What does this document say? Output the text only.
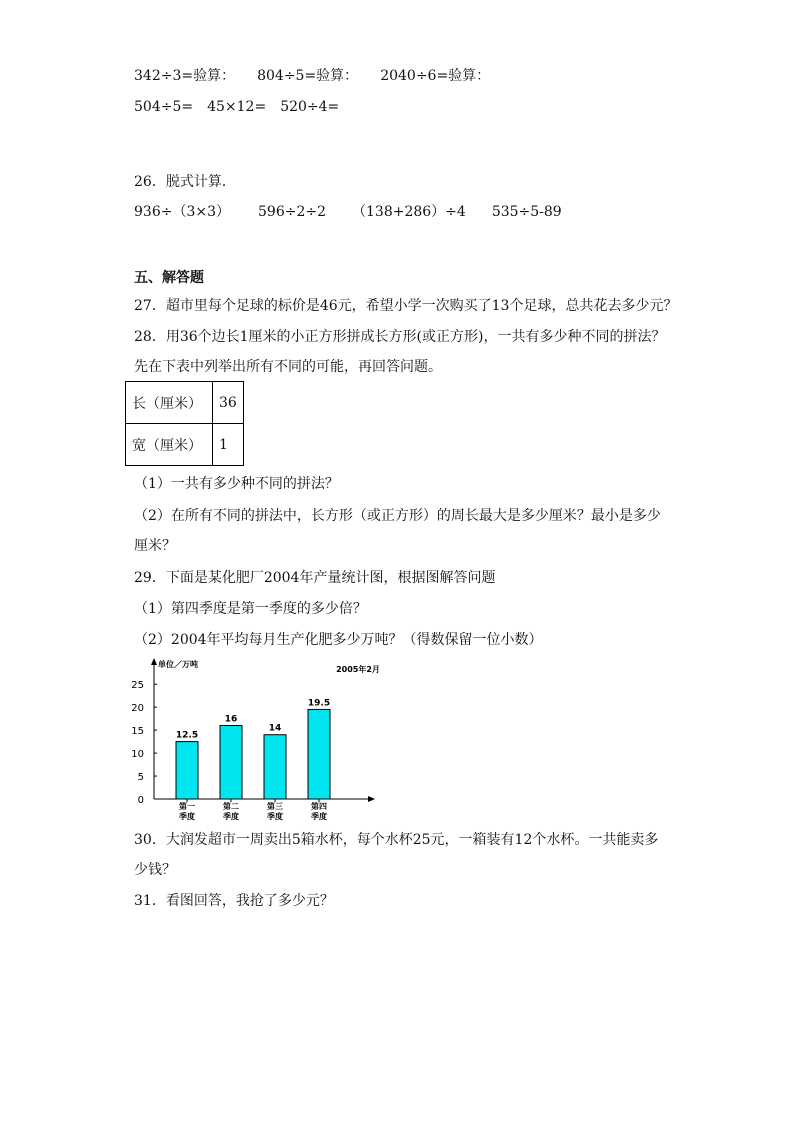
342÷3=验算： 804÷5=验算： 2040÷6=验算：
504÷5= 45×12= 520÷4=
26．脱式计算．
936÷（3×3） 596÷2÷2 （138+286）÷4 535÷5-89
五、解答题
27．超市里每个足球的标价是46元，希望小学一次购买了13个足球，总共花去多少元？
28．用36个边长1厘米的小正方形拼成长方形(或正方形)，一共有多少种不同的拼法？
先在下表中列举出所有不同的可能，再回答问题。
长（厘米）	36
宽（厘米）	1
（1）一共有多少种不同的拼法？
（2）在所有不同的拼法中，长方形（或正方形）的周长最大是多少厘米？最小是多少
厘米？
29．下面是某化肥厂2004年产量统计图，根据图解答问题
（1）第四季度是第一季度的多少倍？
（2）2004年平均每月生产化肥多少万吨？（得数保留一位小数）
0
5
10
15
20
25
单位／万吨
2005年2月
12.5
第一
季度
16
第二
季度
14
第三
季度
19.5
第四
季度
30．大润发超市一周卖出5箱水杯，每个水杯25元，一箱装有12个水杯。一共能卖多
少钱？
31．看图回答，我抢了多少元？
